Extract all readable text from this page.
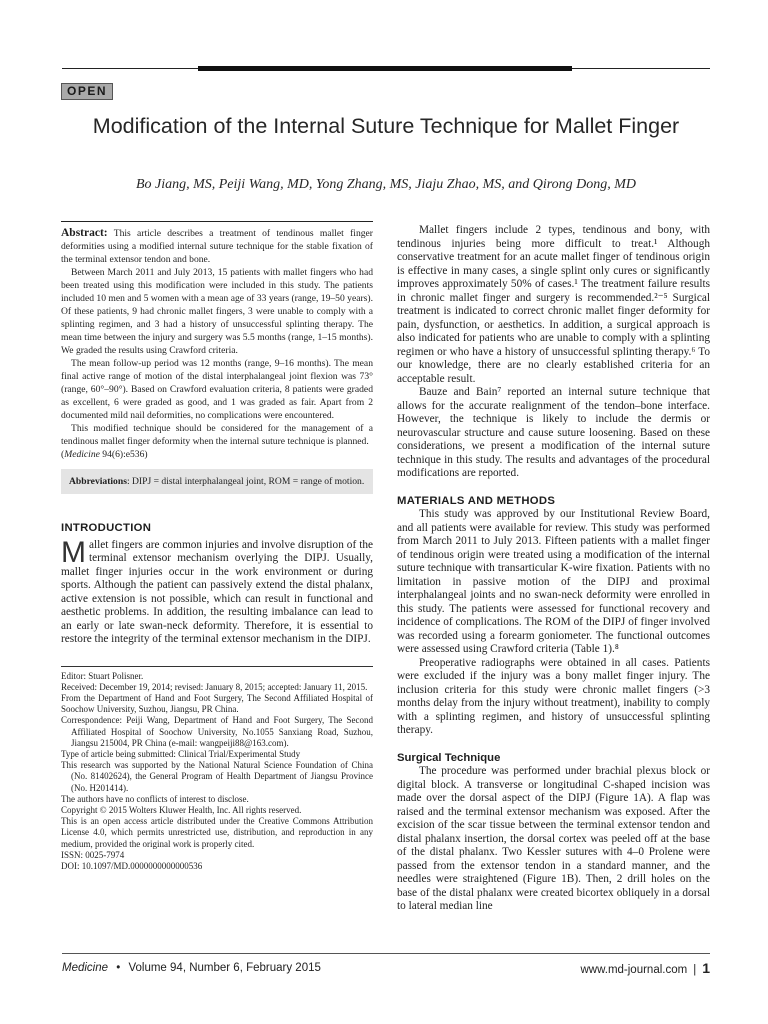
OPEN
Modification of the Internal Suture Technique for Mallet Finger
Bo Jiang, MS, Peiji Wang, MD, Yong Zhang, MS, Jiaju Zhao, MS, and Qirong Dong, MD

Abstract: This article describes a treatment of tendinous mallet finger deformities using a modified internal suture technique for the stable fixation of the terminal extensor tendon and bone.

Between March 2011 and July 2013, 15 patients with mallet fingers who had been treated using this modification were included in this study. The patients included 10 men and 5 women with a mean age of 33 years (range, 19–50 years). Of these patients, 9 had chronic mallet fingers, 3 were unable to comply with a splinting regimen, and 3 had a history of unsuccessful splinting therapy. The mean time between the injury and surgery was 5.5 months (range, 1–15 months). We graded the results using Crawford criteria.

The mean follow-up period was 12 months (range, 9–16 months). The mean final active range of motion of the distal interphalangeal joint flexion was 73° (range, 60°–90°). Based on Crawford evaluation criteria, 8 patients were graded as excellent, 6 were graded as good, and 1 was graded as fair. Apart from 2 documented mild nail deformities, no complications were encountered.

This modified technique should be considered for the management of a tendinous mallet finger deformity when the internal suture technique is planned.

(Medicine 94(6):e536)

Abbreviations: DIPJ = distal interphalangeal joint, ROM = range of motion.

INTRODUCTION

Mallet fingers are common injuries and involve disruption of the terminal extensor mechanism overlying the DIPJ. Usually, mallet finger injuries occur in the work environment or during sports. Although the patient can passively extend the distal phalanx, active extension is not possible, which can result in functional and aesthetic problems. In addition, the resulting imbalance can lead to an early or late swan-neck deformity. Therefore, it is essential to restore the integrity of the terminal extensor mechanism in the DIPJ.

Editor: Stuart Polisner.

Received: December 19, 2014; revised: January 8, 2015; accepted: January 11, 2015.

From the Department of Hand and Foot Surgery, The Second Affiliated Hospital of Soochow University, Suzhou, Jiangsu, PR China.

Correspondence: Peiji Wang, Department of Hand and Foot Surgery, The Second Affiliated Hospital of Soochow University, No.1055 Sanxiang Road, Suzhou, Jiangsu 215004, PR China (e-mail: wangpeiji88@163.com).

Type of article being submitted: Clinical Trial/Experimental Study

This research was supported by the National Natural Science Foundation of China (No. 81402624), the General Program of Health Department of Jiangsu Province (No. H201414).

The authors have no conflicts of interest to disclose.

Copyright © 2015 Wolters Kluwer Health, Inc. All rights reserved.

This is an open access article distributed under the Creative Commons Attribution License 4.0, which permits unrestricted use, distribution, and reproduction in any medium, provided the original work is properly cited.

ISSN: 0025-7974

DOI: 10.1097/MD.0000000000000536

Mallet fingers include 2 types, tendinous and bony, with tendinous injuries being more difficult to treat.¹ Although conservative treatment for an acute mallet finger of tendinous origin is effective in many cases, a single splint only cures or significantly improves approximately 50% of cases.¹ The treatment failure results in chronic mallet finger and surgery is recommended.²⁻⁵ Surgical treatment is indicated to correct chronic mallet finger deformity for pain, dysfunction, or aesthetics. In addition, a surgical approach is also indicated for patients who are unable to comply with a splinting regimen or who have a history of unsuccessful splinting therapy.⁶ To our knowledge, there are no clearly established criteria for an acceptable result.

Bauze and Bain⁷ reported an internal suture technique that allows for the accurate realignment of the tendon–bone interface. However, the technique is likely to include the dermis or neurovascular structure and cause suture loosening. Based on these considerations, we present a modification of the internal suture technique in this study. The results and advantages of the procedural modifications are reported.

MATERIALS AND METHODS

This study was approved by our Institutional Review Board, and all patients were available for review. This study was performed from March 2011 to July 2013. Fifteen patients with a mallet finger of tendinous origin were treated using a modification of the internal suture technique with transarticular K-wire fixation. Patients with no limitation in passive motion of the DIPJ and proximal interphalangeal joints and no swan-neck deformity were enrolled in this study. The patients were assessed for functional recovery and incidence of complications. The ROM of the DIPJ of finger involved was recorded using a forearm goniometer. The functional outcomes were assessed using Crawford criteria (Table 1).⁸

Preoperative radiographs were obtained in all cases. Patients were excluded if the injury was a bony mallet finger injury. The inclusion criteria for this study were chronic mallet fingers (>3 months delay from the injury without treatment), inability to comply with a splinting regimen, and history of unsuccessful splinting therapy.

Surgical Technique

The procedure was performed under brachial plexus block or digital block. A transverse or longitudinal C-shaped incision was made over the dorsal aspect of the DIPJ (Figure 1A). A flap was raised and the terminal extensor mechanism was exposed. After the excision of the scar tissue between the terminal extensor tendon and distal phalanx insertion, the dorsal cortex was peeled off at the base of the distal phalanx. Two Kessler sutures with 4–0 Prolene were passed from the extensor tendon in a standard manner, and the needles were straightened (Figure 1B). Then, 2 drill holes on the base of the distal phalanx were created bicortex obliquely in a dorsal to lateral median line

Medicine • Volume 94, Number 6, February 2015	www.md-journal.com | 1
